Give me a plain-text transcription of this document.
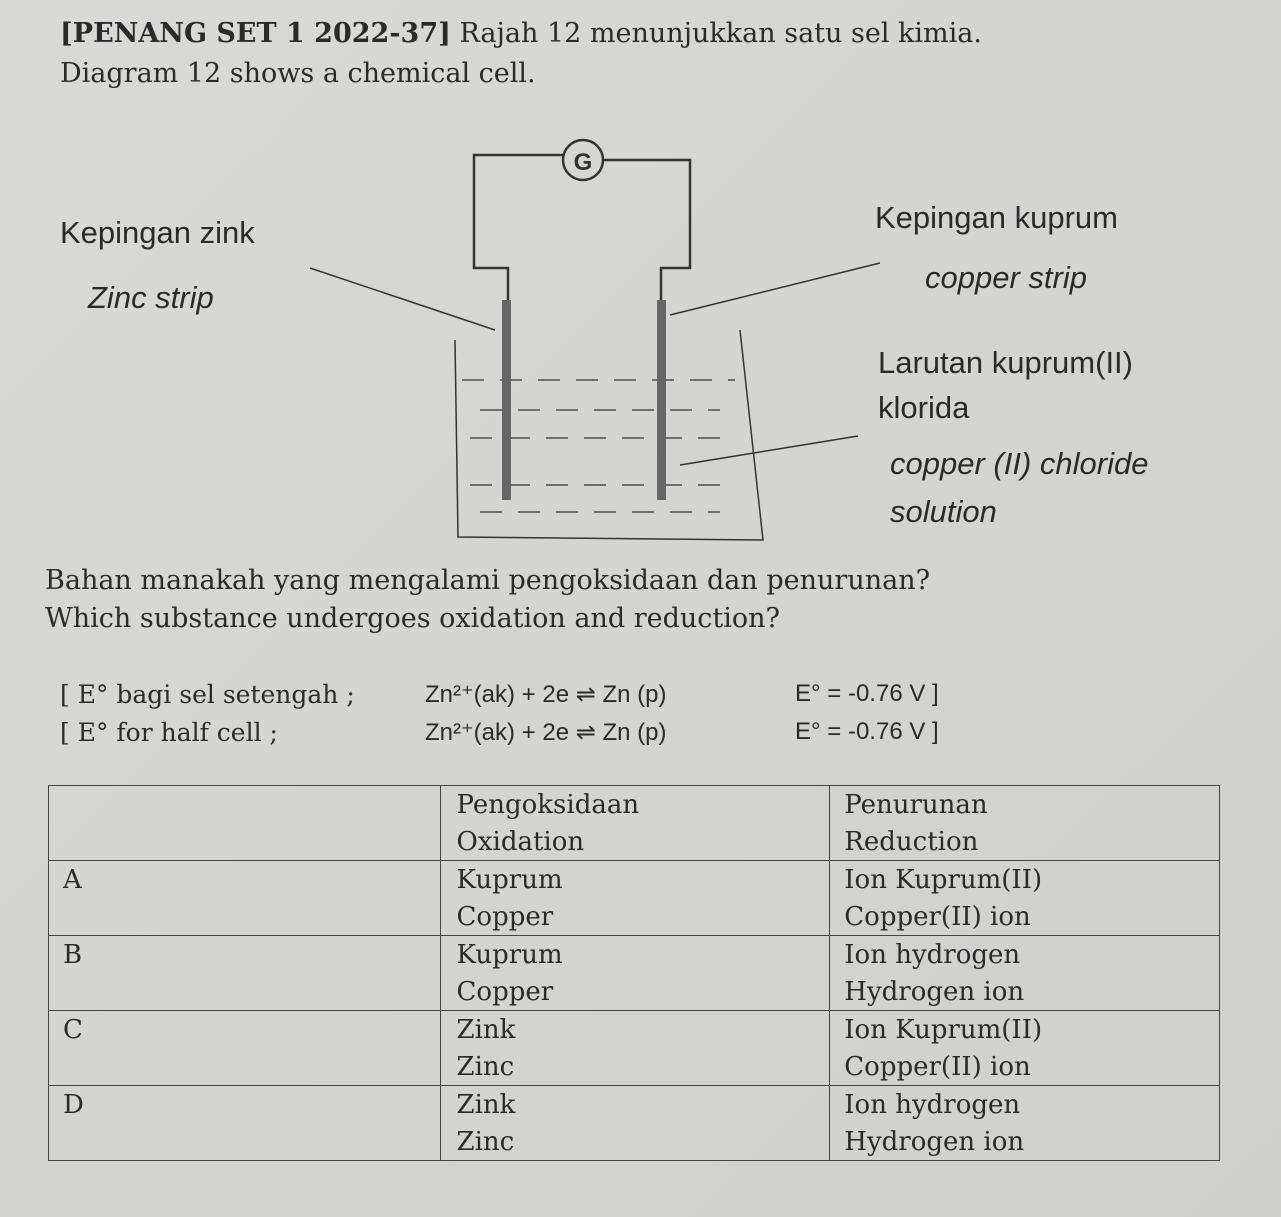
[PENANG SET 1 2022-37] Rajah 12 menunjukkan satu sel kimia.
Diagram 12 shows a chemical cell.
G
Kepingan zink
Zinc strip
Kepingan kuprum
copper strip
Larutan kuprum(II)
klorida
copper (II) chloride
solution
Bahan manakah yang mengalami pengoksidaan dan penurunan?
Which substance undergoes oxidation and reduction?
[ E° bagi sel setengah ;	Zn²⁺(ak) + 2e ⇌ Zn (p)	E° = -0.76 V ]
[ E° for half cell ;	Zn²⁺(ak) + 2e ⇌ Zn (p)	E° = -0.76 V ]
	Pengoksidaan	Penurunan
	Oxidation	Reduction
A	Kuprum	Ion Kuprum(II)
	Copper	Copper(II) ion
B	Kuprum	Ion hydrogen
	Copper	Hydrogen ion
C	Zink	Ion Kuprum(II)
	Zinc	Copper(II) ion
D	Zink	Ion hydrogen
	Zinc	Hydrogen ion
